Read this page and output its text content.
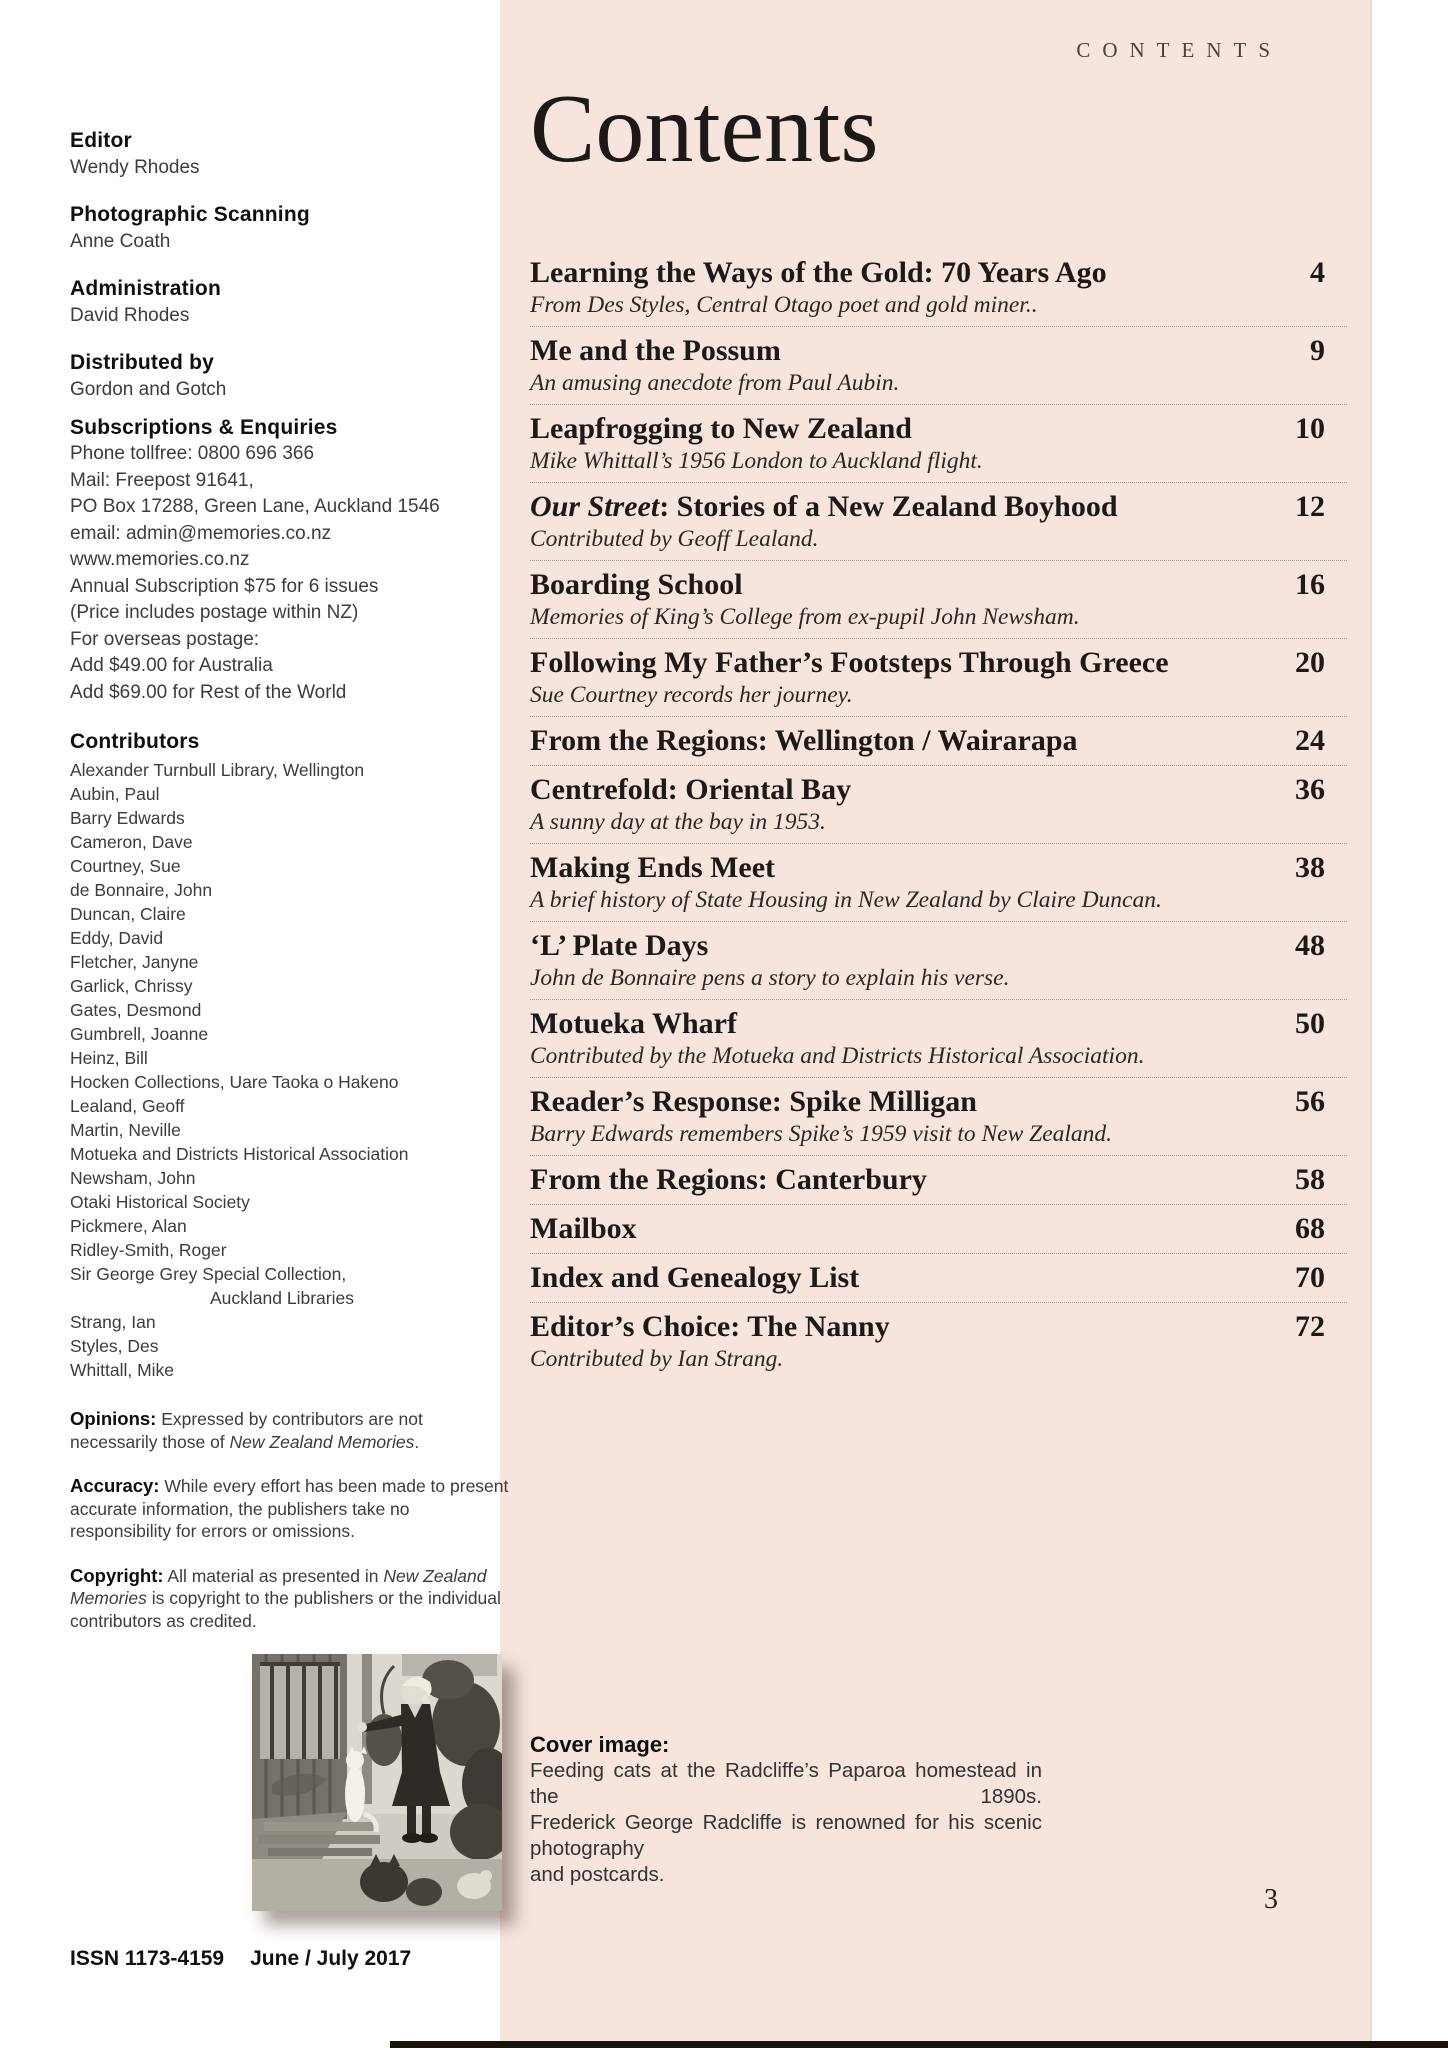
Editor
Wendy Rhodes
Photographic Scanning
Anne Coath
Administration
David Rhodes
Distributed by
Gordon and Gotch
Subscriptions & Enquiries
Phone tollfree: 0800 696 366
Mail: Freepost 91641,
PO Box 17288, Green Lane, Auckland 1546
email: admin@memories.co.nz
www.memories.co.nz
Annual Subscription $75 for 6 issues
(Price includes postage within NZ)
For overseas postage:
Add $49.00 for Australia
Add $69.00 for Rest of the World
Contributors
Alexander Turnbull Library, Wellington
Aubin, Paul
Barry Edwards
Cameron, Dave
Courtney, Sue
de Bonnaire, John
Duncan, Claire
Eddy, David
Fletcher, Janyne
Garlick, Chrissy
Gates, Desmond
Gumbrell, Joanne
Heinz, Bill
Hocken Collections, Uare Taoka o Hakeno
Lealand, Geoff
Martin, Neville
Motueka and Districts Historical Association
Newsham, John
Otaki Historical Society
Pickmere, Alan
Ridley-Smith, Roger
Sir George Grey Special Collection,
Auckland Libraries
Strang, Ian
Styles, Des
Whittall, Mike
Opinions: Expressed by contributors are not necessarily those of New Zealand Memories.
Accuracy: While every effort has been made to present accurate information, the publishers take no responsibility for errors or omissions.
Copyright: All material as presented in New Zealand Memories is copyright to the publishers or the individual contributors as credited.
ISSN 1173-4159 June / July 2017
CONTENTS
Contents
Learning the Ways of the Gold: 70 Years Ago	4
From Des Styles, Central Otago poet and gold miner..
Me and the Possum	9
An amusing anecdote from Paul Aubin.
Leapfrogging to New Zealand	10
Mike Whittall’s 1956 London to Auckland flight.
Our Street: Stories of a New Zealand Boyhood	12
Contributed by Geoff Lealand.
Boarding School	16
Memories of King’s College from ex-pupil John Newsham.
Following My Father’s Footsteps Through Greece	20
Sue Courtney records her journey.
From the Regions: Wellington / Wairarapa	24
Centrefold: Oriental Bay	36
A sunny day at the bay in 1953.
Making Ends Meet	38
A brief history of State Housing in New Zealand by Claire Duncan.
‘L’ Plate Days	48
John de Bonnaire pens a story to explain his verse.
Motueka Wharf	50
Contributed by the Motueka and Districts Historical Association.
Reader’s Response: Spike Milligan	56
Barry Edwards remembers Spike’s 1959 visit to New Zealand.
From the Regions: Canterbury	58
Mailbox	68
Index and Genealogy List	70
Editor’s Choice: The Nanny	72
Contributed by Ian Strang.
Cover image:
Feeding cats at the Radcliffe’s Paparoa homestead in the 1890s.
Frederick George Radcliffe is renowned for his scenic photography
and postcards.
3
